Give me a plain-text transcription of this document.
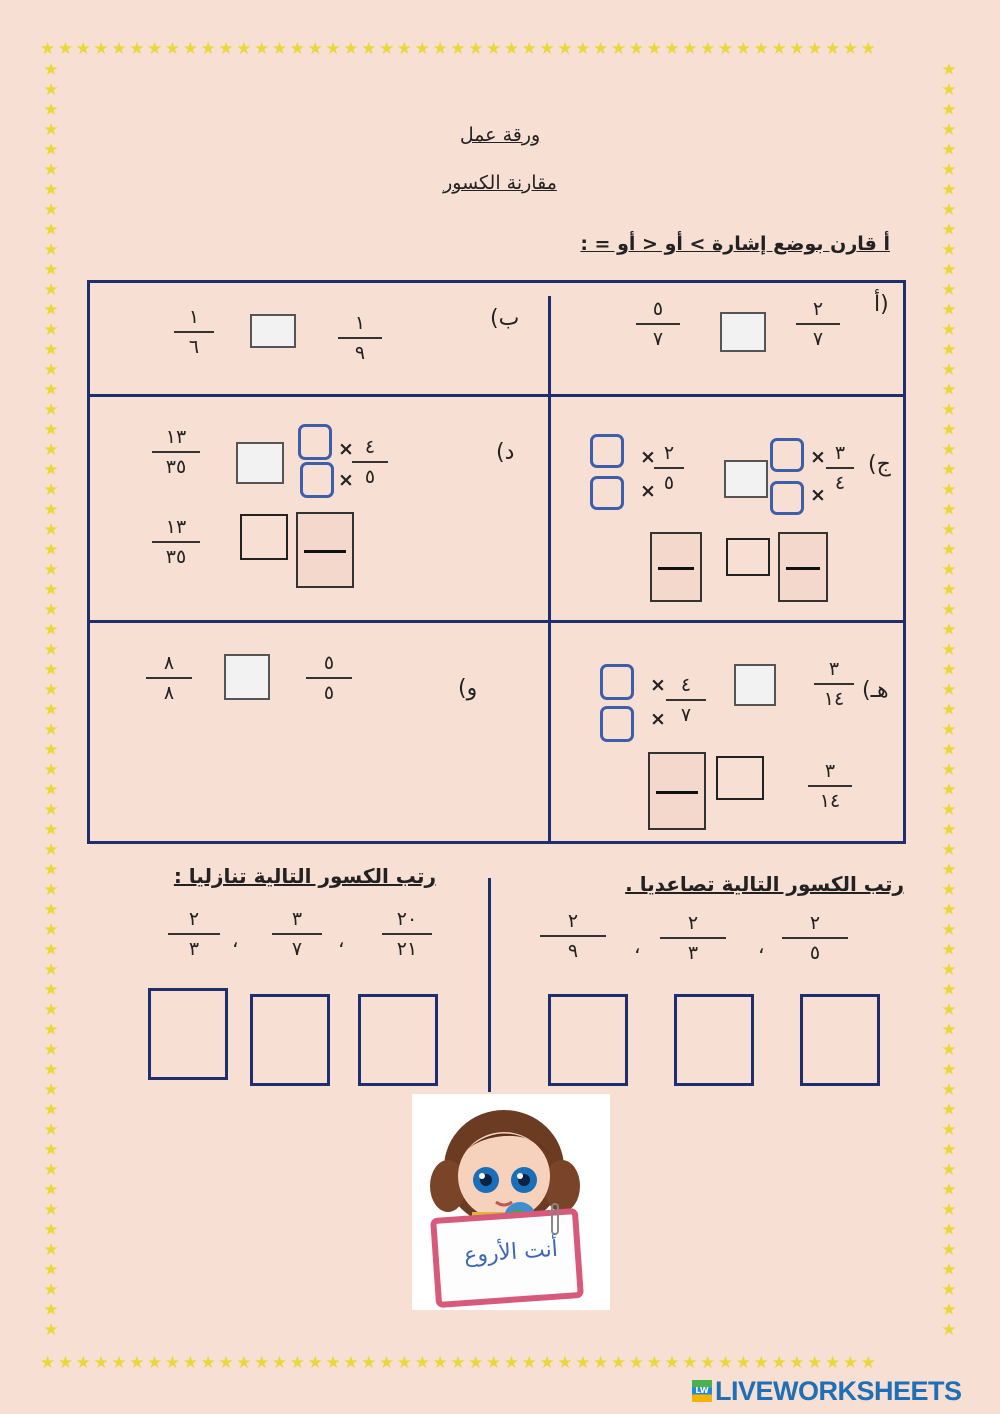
★★★★★★★★★★★★★★★★★★★★★★★★★★★★★★★★★★★★★★★★★★★★★★★
★★★★★★★★★★★★★★★★★★★★★★★★★★★★★★★★★★★★★★★★★★★★★★★
★★★★★★★★★★★★★★★★★★★★★★★★★★★★★★★★★★★★★★★★★★★★★★★★★★★★★★★★★★★★★★★★
★★★★★★★★★★★★★★★★★★★★★★★★★★★★★★★★★★★★★★★★★★★★★★★★★★★★★★★★★★★★★★★★
ورقة عمل
مقارنة الكسور
أ قارن بوضع إشارة > أو < أو = :
(أ
٢
٧
٥
٧
ب)
١
٩
١
٦
ج)
٣
٤
×
×
٢
٥
×
×
د)
٤
٥
×
×
١٣
٣٥
١٣
٣٥
هـ)
٣
١٤
٤
٧
×
×
٣
١٤
و)
٥
٥
٨
٨
رتب الكسور التالية تنازليا :
٢٠
٢١
،
٣
٧
،
٢
٣
رتب الكسور التالية تصاعديا .
٢
٥
،
٢
٣
،
٢
٩
أنت الأروع
LW LIVEWORKSHEETS
